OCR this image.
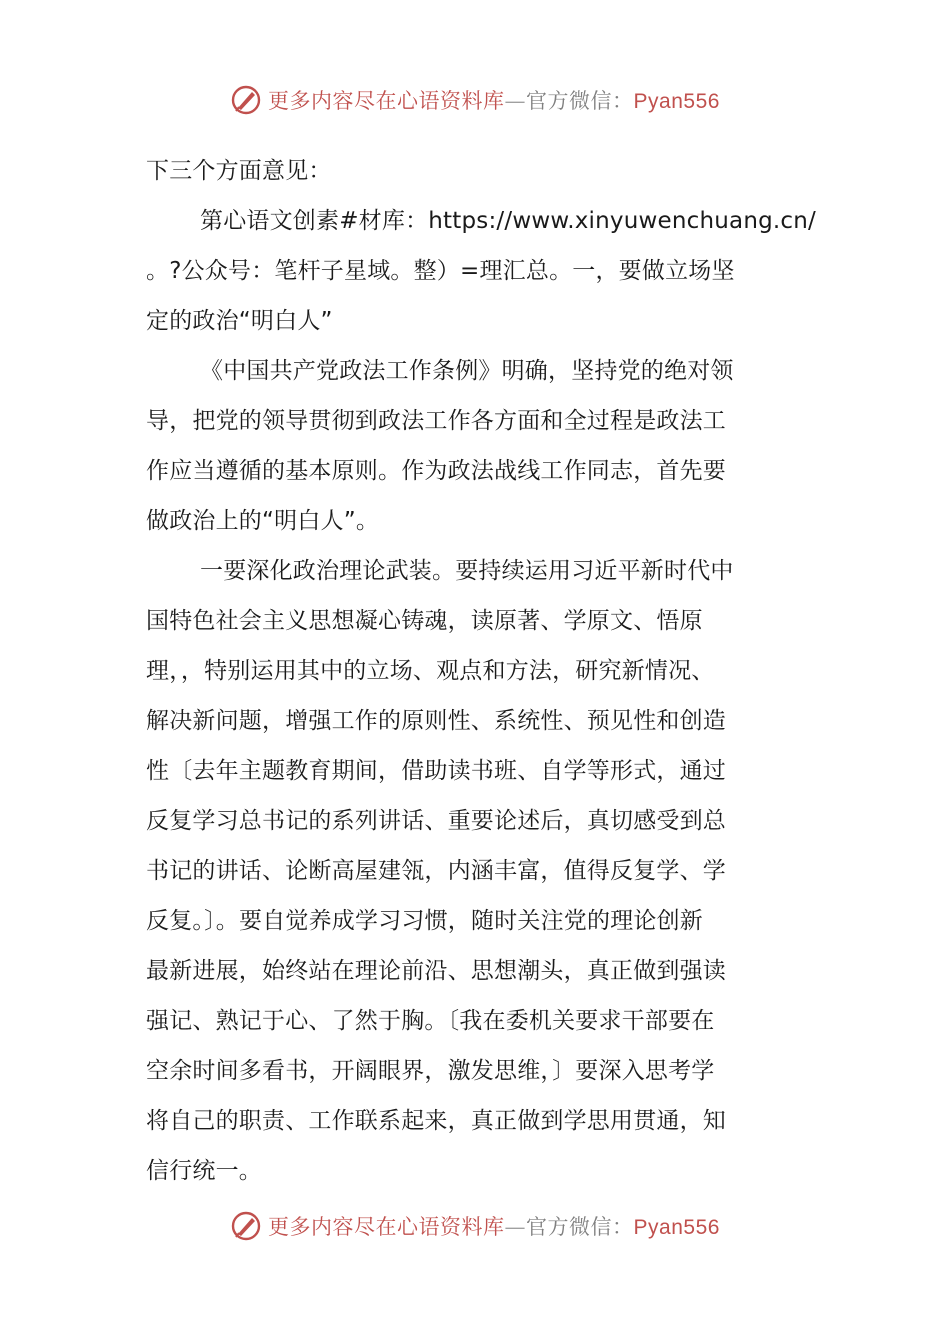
更多内容尽在心语资料库—官方微信：Pyan556
下三个方面意见：
第心语文创素#材库：https://www.xinyuwenchuang.cn/
。?公众号：笔杆子星域。整）=理汇总。一，要做立场坚
定的政治“明白人”
《中国共产党政法工作条例》明确，坚持党的绝对领
导，把党的领导贯彻到政法工作各方面和全过程是政法工
作应当遵循的基本原则。作为政法战线工作同志，首先要
做政治上的“明白人”。
一要深化政治理论武装。要持续运用习近平新时代中
国特色社会主义思想凝心铸魂，读原著、学原文、悟原
理，，特别运用其中的立场、观点和方法，研究新情况、
解决新问题，增强工作的原则性、系统性、预见性和创造
性〔去年主题教育期间，借助读书班、自学等形式，通过
反复学习总书记的系列讲话、重要论述后，真切感受到总
书记的讲话、论断高屋建瓴，内涵丰富，值得反复学、学
反复。〕。要自觉养成学习习惯，随时关注党的理论创新
最新进展，始终站在理论前沿、思想潮头，真正做到强读
强记、熟记于心、了然于胸。〔我在委机关要求干部要在
空余时间多看书，开阔眼界，激发思维，〕要深入思考学
将自己的职责、工作联系起来，真正做到学思用贯通，知
信行统一。
更多内容尽在心语资料库—官方微信：Pyan556
